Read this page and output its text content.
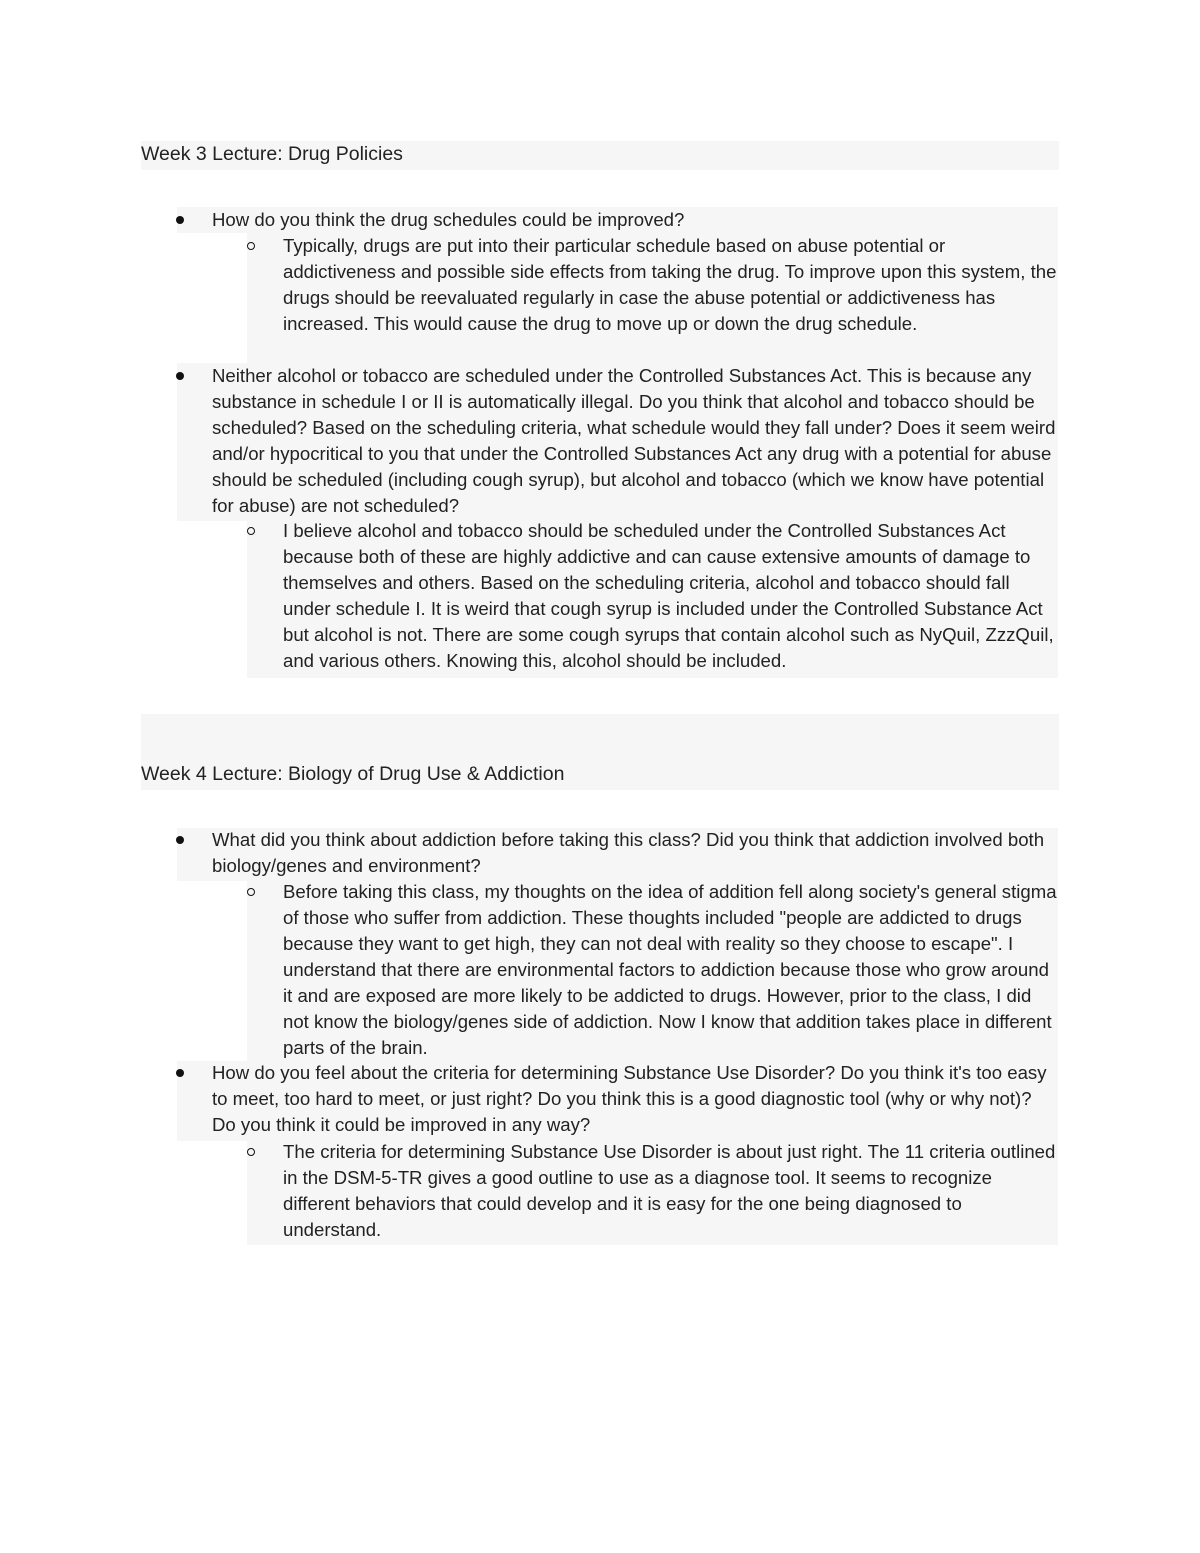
Week 3 Lecture: Drug Policies
How do you think the drug schedules could be improved?
Typically, drugs are put into their particular schedule based on abuse potential or addictiveness and possible side effects from taking the drug. To improve upon this system, the drugs should be reevaluated regularly in case the abuse potential or addictiveness has increased. This would cause the drug to move up or down the drug schedule.
Neither alcohol or tobacco are scheduled under the Controlled Substances Act. This is because any substance in schedule I or II is automatically illegal. Do you think that alcohol and tobacco should be scheduled? Based on the scheduling criteria, what schedule would they fall under? Does it seem weird and/or hypocritical to you that under the Controlled Substances Act any drug with a potential for abuse should be scheduled (including cough syrup), but alcohol and tobacco (which we know have potential for abuse) are not scheduled?
I believe alcohol and tobacco should be scheduled under the Controlled Substances Act because both of these are highly addictive and can cause extensive amounts of damage to themselves and others. Based on the scheduling criteria, alcohol and tobacco should fall under schedule I. It is weird that cough syrup is included under the Controlled Substance Act but alcohol is not. There are some cough syrups that contain alcohol such as NyQuil, ZzzQuil, and various others. Knowing this, alcohol should be included.
Week 4 Lecture: Biology of Drug Use & Addiction
What did you think about addiction before taking this class? Did you think that addiction involved both biology/genes and environment?
Before taking this class, my thoughts on the idea of addition fell along society's general stigma of those who suffer from addiction. These thoughts included "people are addicted to drugs because they want to get high, they can not deal with reality so they choose to escape". I understand that there are environmental factors to addiction because those who grow around it and are exposed are more likely to be addicted to drugs. However, prior to the class, I did not know the biology/genes side of addiction. Now I know that addition takes place in different parts of the brain.
How do you feel about the criteria for determining Substance Use Disorder? Do you think it's too easy to meet, too hard to meet, or just right? Do you think this is a good diagnostic tool (why or why not)? Do you think it could be improved in any way?
The criteria for determining Substance Use Disorder is about just right. The 11 criteria outlined in the DSM-5-TR gives a good outline to use as a diagnose tool. It seems to recognize different behaviors that could develop and it is easy for the one being diagnosed to understand.
